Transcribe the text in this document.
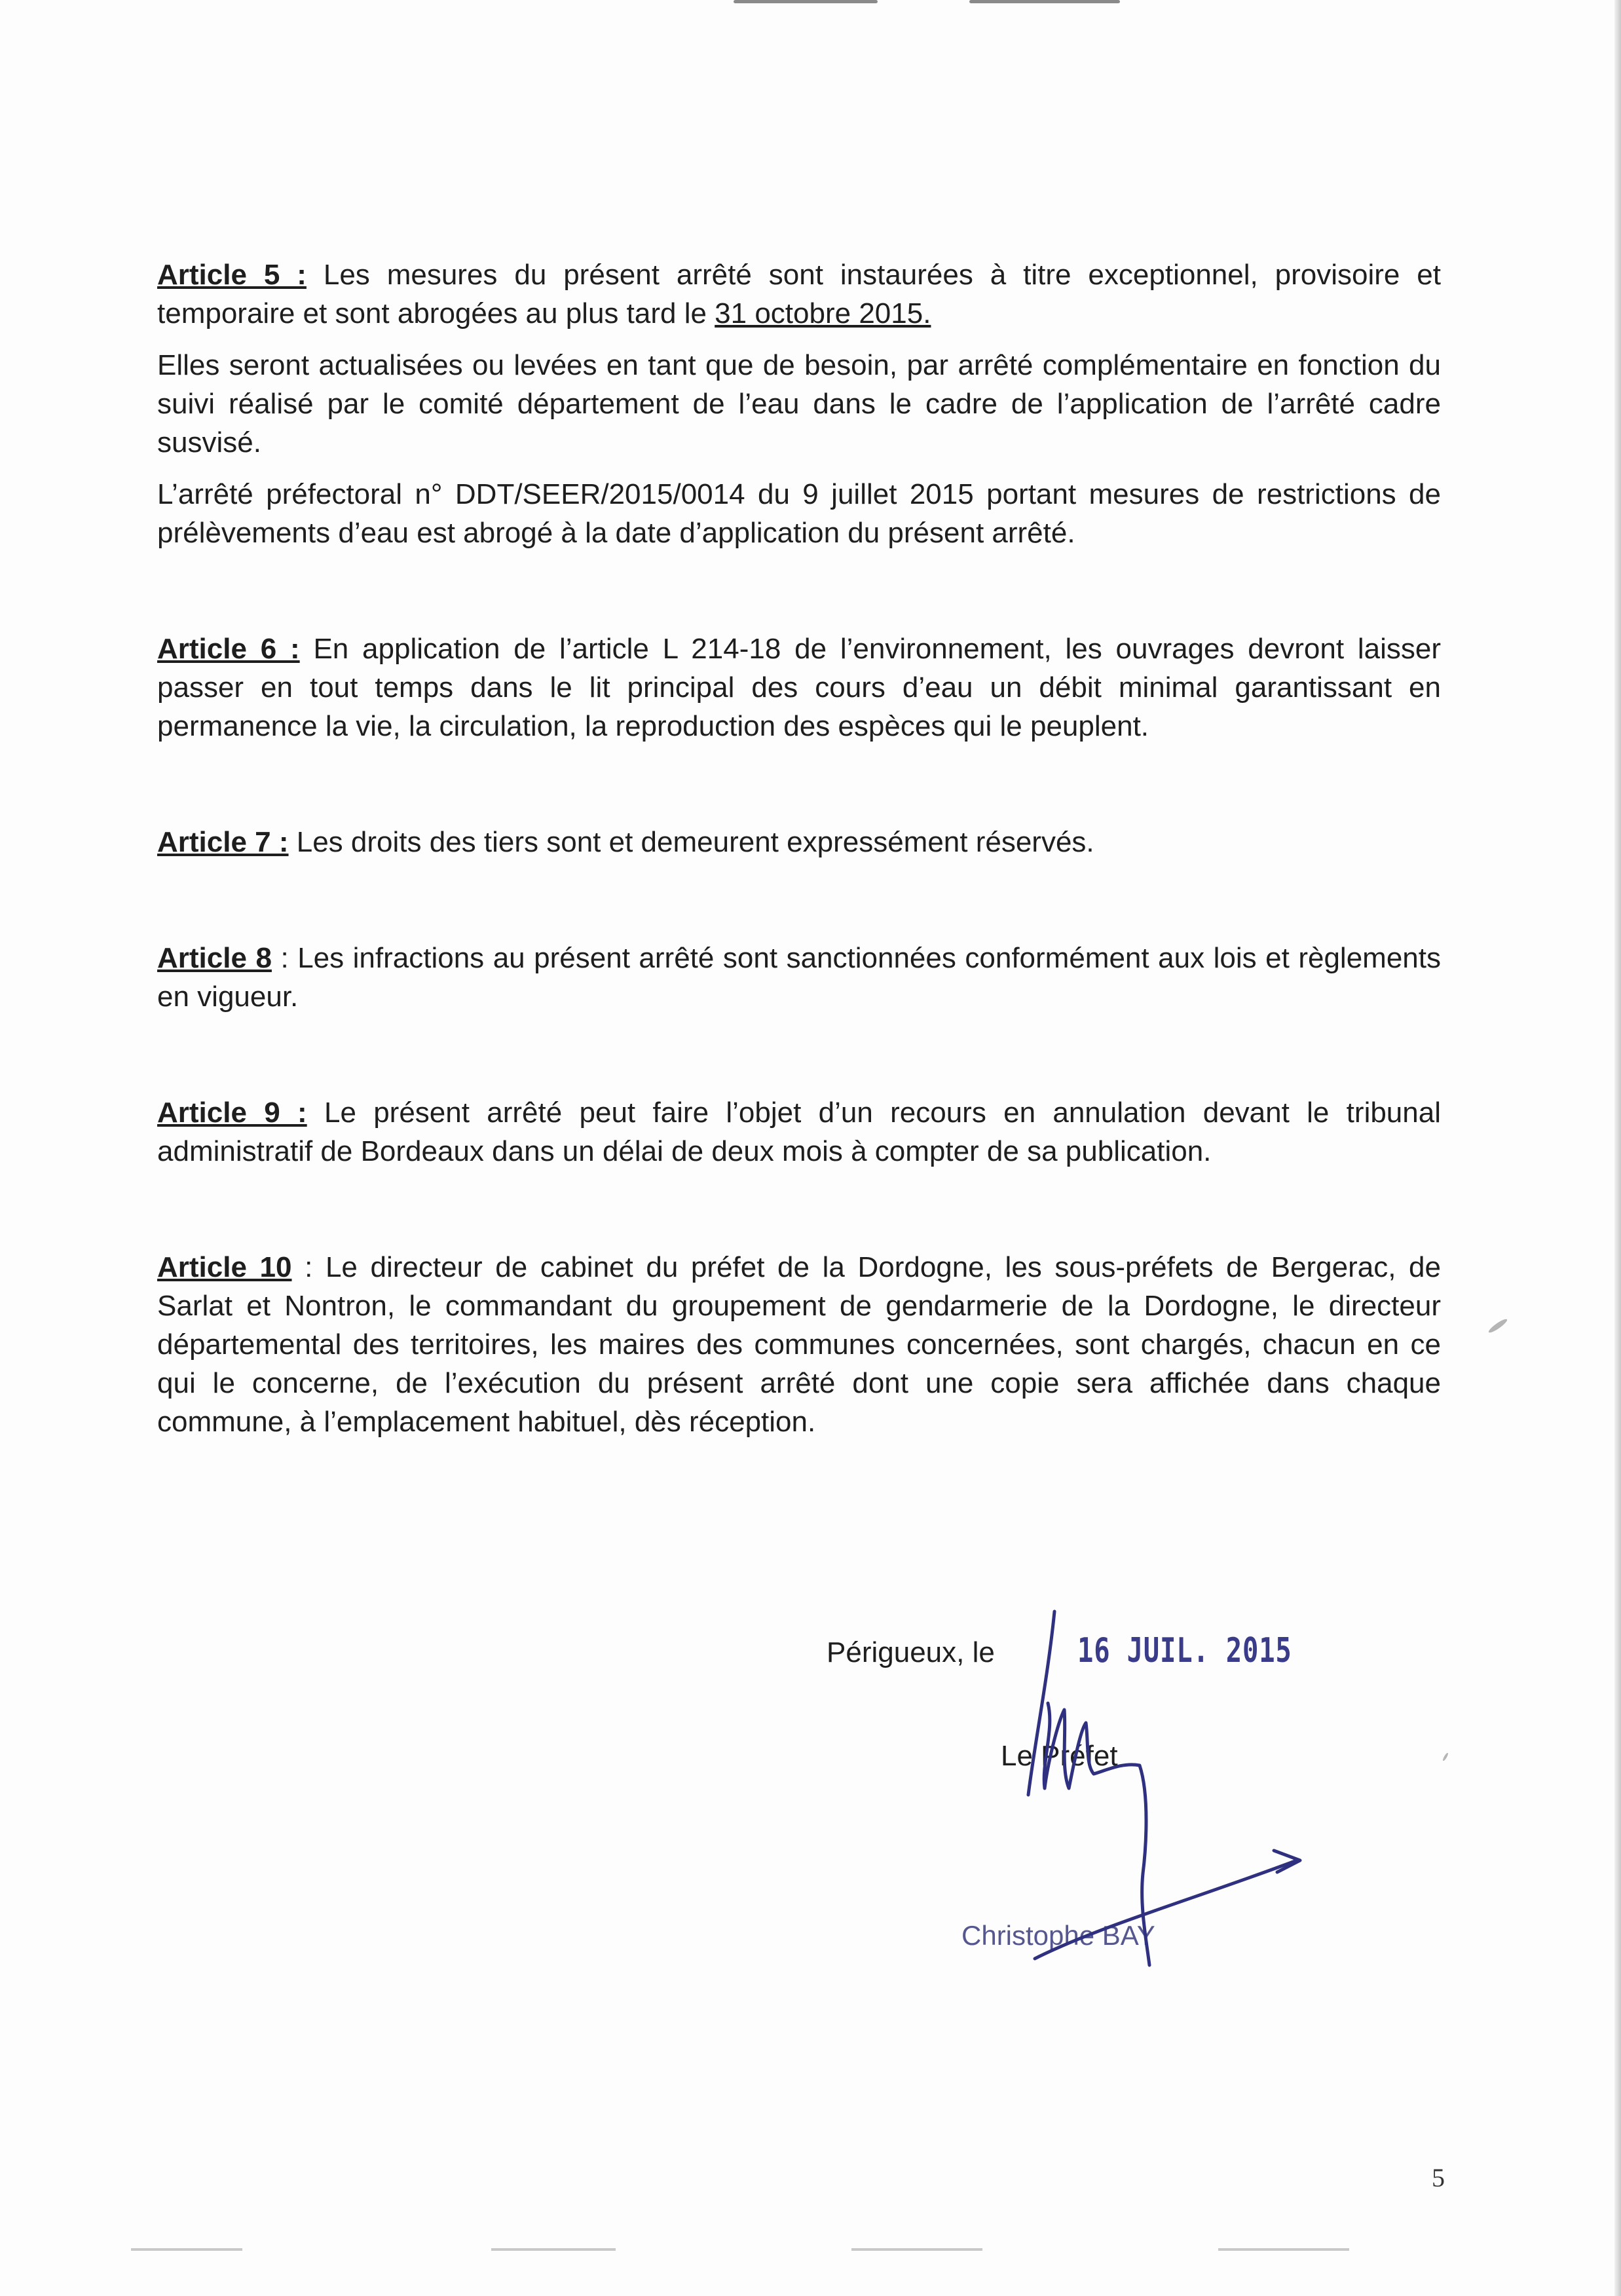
Article 5 : Les mesures du présent arrêté sont instaurées à titre exceptionnel, provisoire et temporaire et sont abrogées au plus tard le 31 octobre 2015.

Elles seront actualisées ou levées en tant que de besoin, par arrêté complémentaire en fonction du suivi réalisé par le comité département de l’eau dans le cadre de l’application de l’arrêté cadre susvisé.

L’arrêté préfectoral n° DDT/SEER/2015/0014 du 9 juillet 2015 portant mesures de restrictions de prélèvements d’eau est abrogé à la date d’application du présent arrêté.

Article 6 : En application de l’article L 214-18 de l’environnement, les ouvrages devront laisser passer en tout temps dans le lit principal des cours d’eau un débit minimal garantissant en permanence la vie, la circulation, la reproduction des espèces qui le peuplent.

Article 7 : Les droits des tiers sont et demeurent expressément réservés.

Article 8 : Les infractions au présent arrêté sont sanctionnées conformément aux lois et règlements en vigueur.

Article 9 : Le présent arrêté peut faire l’objet d’un recours en annulation devant le tribunal administratif de Bordeaux dans un délai de deux mois à compter de sa publication.

Article 10 : Le directeur de cabinet du préfet de la Dordogne, les sous-préfets de Bergerac, de Sarlat et Nontron, le commandant du groupement de gendarmerie de la Dordogne, le directeur départemental des territoires, les maires des communes concernées, sont chargés, chacun en ce qui le concerne, de l’exécution du présent arrêté dont une copie sera affichée dans chaque commune, à l’emplacement habituel, dès réception.

Périgueux, le 16 JUIL. 2015
Le Préfet
Christophe BAY
5
